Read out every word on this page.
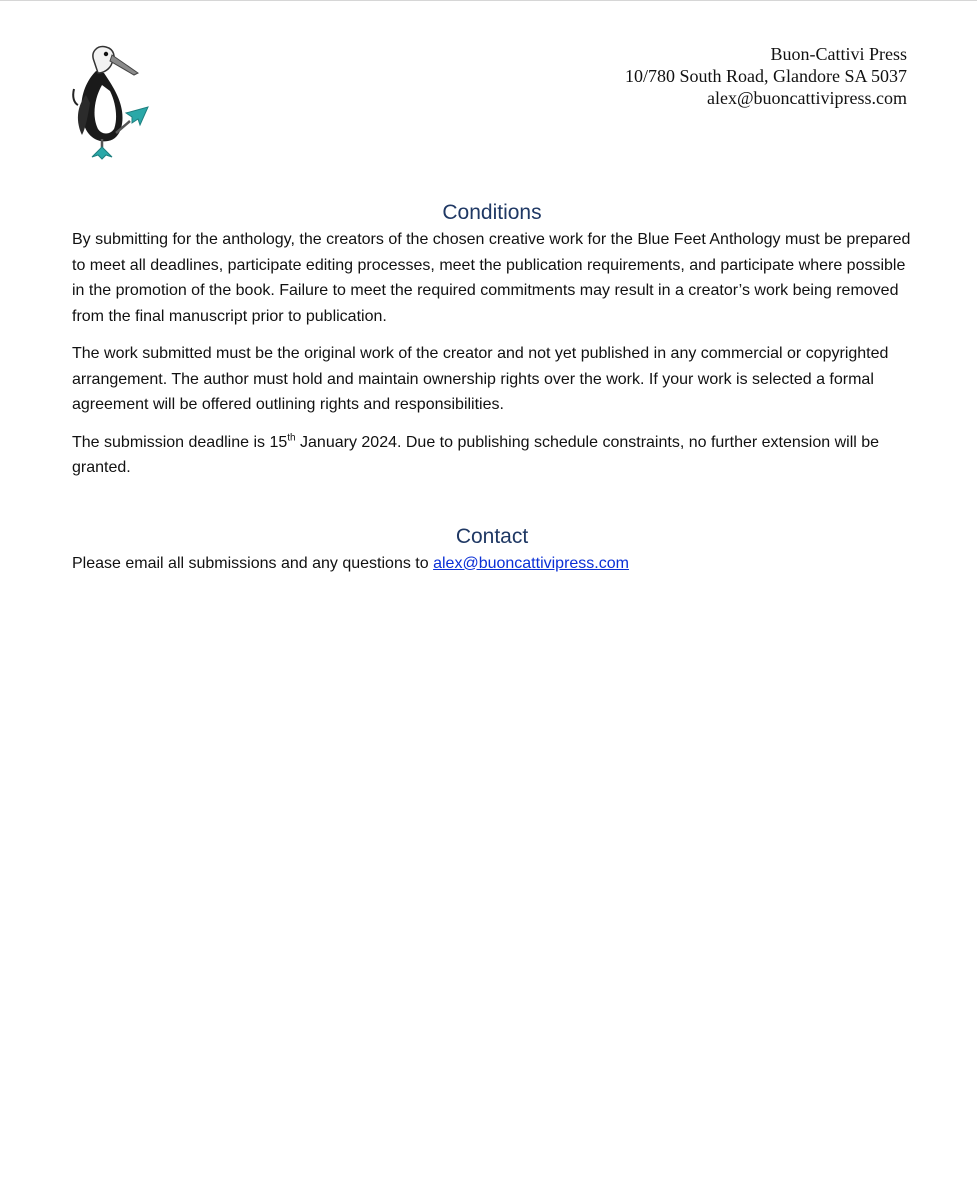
Buon-Cattivi Press
10/780 South Road, Glandore SA 5037
alex@buoncattivipress.com
Conditions

By submitting for the anthology, the creators of the chosen creative work for the Blue Feet Anthology must be prepared to meet all deadlines, participate editing processes, meet the publication requirements, and participate where possible in the promotion of the book. Failure to meet the required commitments may result in a creator’s work being removed from the final manuscript prior to publication.

The work submitted must be the original work of the creator and not yet published in any commercial or copyrighted arrangement. The author must hold and maintain ownership rights over the work. If your work is selected a formal agreement will be offered outlining rights and responsibilities.

The submission deadline is 15th January 2024. Due to publishing schedule constraints, no further extension will be granted.

Contact

Please email all submissions and any questions to alex@buoncattivipress.com
